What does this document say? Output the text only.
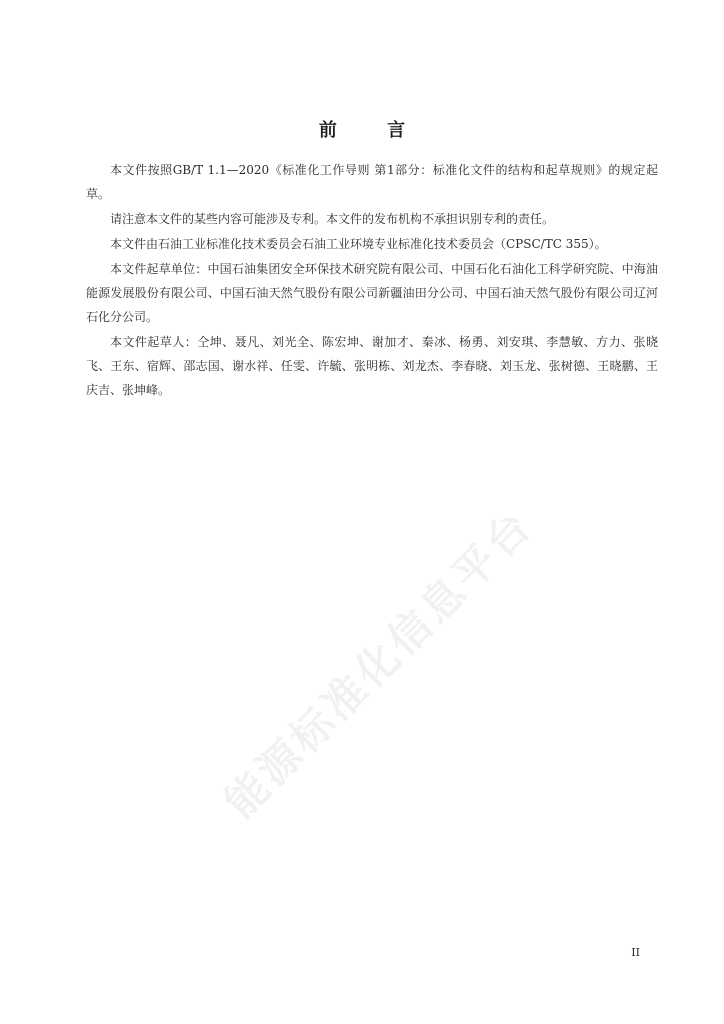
前 言

本文件按照GB/T 1.1—2020《标准化工作导则 第1部分：标准化文件的结构和起草规则》的规定起草。

请注意本文件的某些内容可能涉及专利。本文件的发布机构不承担识别专利的责任。

本文件由石油工业标准化技术委员会石油工业环境专业标准化技术委员会（CPSC/TC 355）。

本文件起草单位：中国石油集团安全环保技术研究院有限公司、中国石化石油化工科学研究院、中海油能源发展股份有限公司、中国石油天然气股份有限公司新疆油田分公司、中国石油天然气股份有限公司辽河石化分公司。

本文件起草人：仝坤、聂凡、刘光全、陈宏坤、谢加才、秦冰、杨勇、刘安琪、李慧敏、方力、张晓飞、王东、宿辉、邵志国、谢水祥、任雯、许毓、张明栋、刘龙杰、李春晓、刘玉龙、张树德、王晓鹏、王庆吉、张坤峰。

能源标准化信息平台
II
